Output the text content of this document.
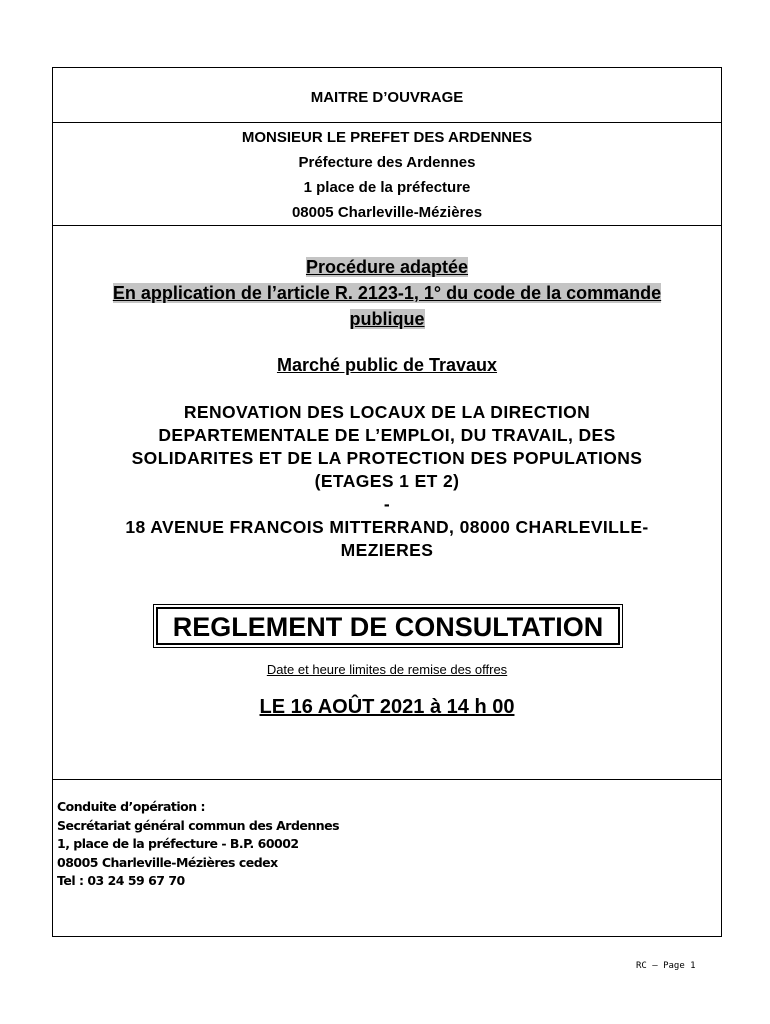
MAITRE D’OUVRAGE
MONSIEUR LE PREFET DES ARDENNES
Préfecture des Ardennes
1 place de la préfecture
08005 Charleville-Mézières
Procédure adaptée
En application de l’article R. 2123-1, 1° du code de la commande
publique
Marché public de Travaux
RENOVATION DES LOCAUX DE LA DIRECTION
DEPARTEMENTALE DE L’EMPLOI, DU TRAVAIL, DES
SOLIDARITES ET DE LA PROTECTION DES POPULATIONS
(ETAGES 1 ET 2)
-
18 AVENUE FRANCOIS MITTERRAND, 08000 CHARLEVILLE-
MEZIERES
REGLEMENT DE CONSULTATION
Date et heure limites de remise des offres
LE 16 AOÛT 2021 à 14 h 00
Conduite d’opération :
Secrétariat général commun des Ardennes
1, place de la préfecture - B.P. 60002
08005 Charleville-Mézières cedex
Tel : 03 24 59 67 70
RC – Page 1
